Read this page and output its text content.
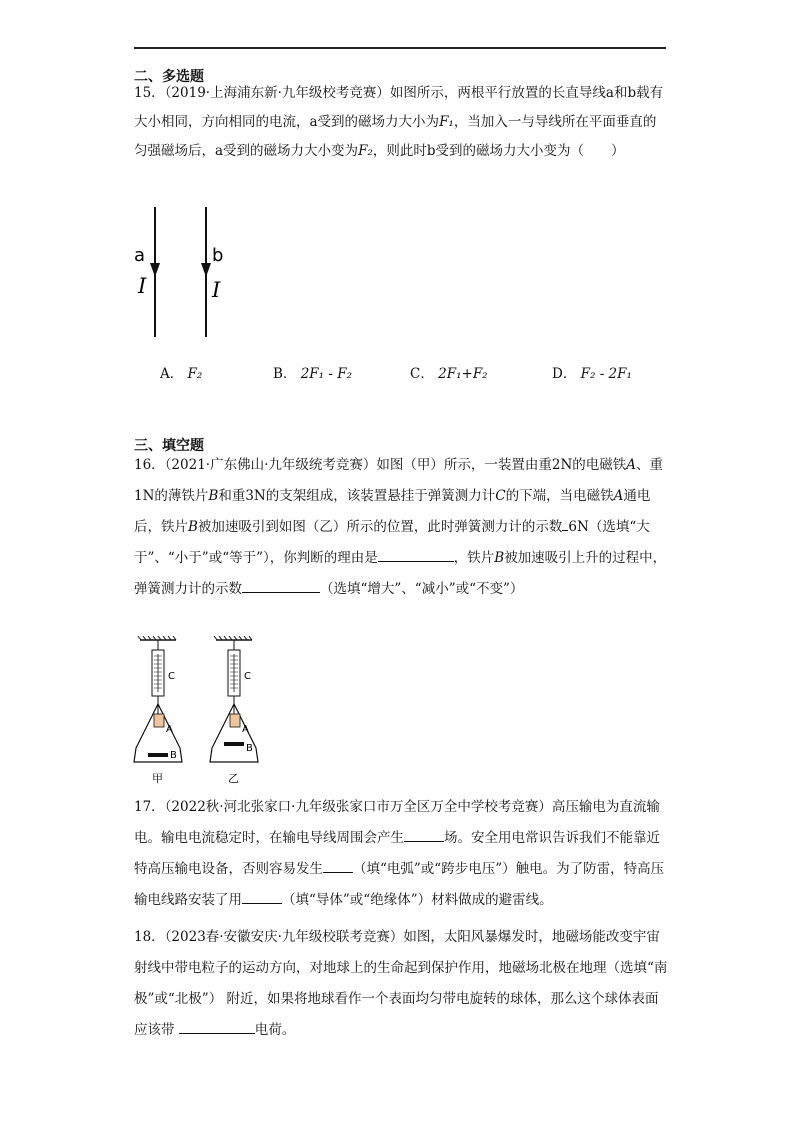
二、多选题
15．（2019·上海浦东新·九年级校考竞赛）如图所示，两根平行放置的长直导线a和b载有大小相同，方向相同的电流，a受到的磁场力大小为F₁，当加入一与导线所在平面垂直的匀强磁场后，a受到的磁场力大小变为F₂，则此时b受到的磁场力大小变为（　　）
a	b
I	I
A． F₂	B． 2F₁ - F₂	C． 2F₁+F₂	D． F₂ - 2F₁
三、填空题
16．（2021·广东佛山·九年级统考竞赛）如图（甲）所示，一装置由重2N的电磁铁A、重1N的薄铁片B和重3N的支架组成，该装置悬挂于弹簧测力计C的下端，当电磁铁A通电后，铁片B被加速吸引到如图（乙）所示的位置，此时弹簧测力计的示数 6N（选填“大于”、“小于”或“等于”），你判断的理由是	，铁片B被加速吸引上升的过程中，弹簧测力计的示数	（选填“增大”、“减小”或“不变”）
C
A
B
甲
C
A
B
乙
17．（2022秋·河北张家口·九年级张家口市万全区万全中学校考竞赛）高压输电为直流输电。输电电流稳定时，在输电导线周围会产生	场。安全用电常识告诉我们不能靠近特高压输电设备，否则容易发生 （填“电弧”或“跨步电压”）触电。为了防雷，特高压输电线路安装了用	（填“导体”或“绝缘体”）材料做成的避雷线。
18．（2023春·安徽安庆·九年级校联考竞赛）如图，太阳风暴爆发时，地磁场能改变宇宙射线中带电粒子的运动方向，对地球上的生命起到保护作用，地磁场北极在地理（选填“南极”或“北极”） 附近，如果将地球看作一个表面均匀带电旋转的球体，那么这个球体表面应该带	电荷。
